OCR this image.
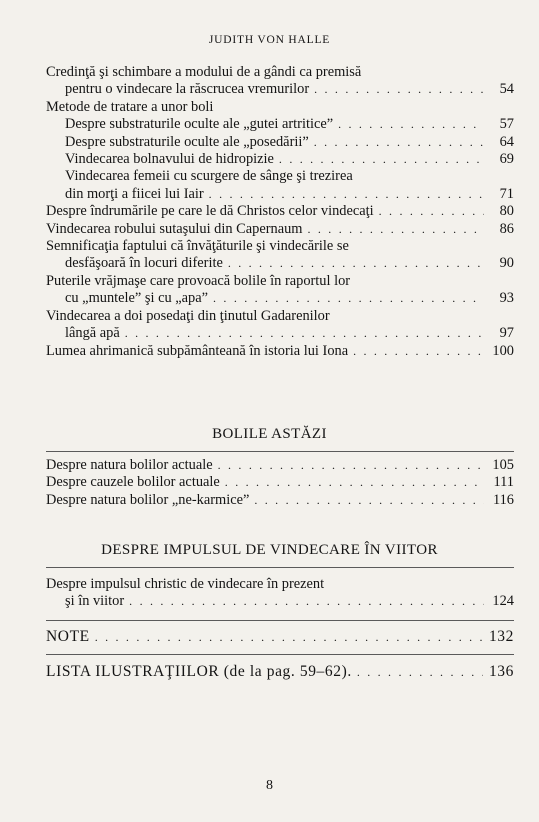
JUDITH VON HALLE
Credinţă şi schimbare a modului de a gândi ca premisă
pentru o vindecare la răscrucea vremurilor . . .	54
Metode de tratare a unor boli
Despre substraturile oculte ale „gutei artritice” . . .	57
Despre substraturile oculte ale „posedării” . . .	64
Vindecarea bolnavului de hidropizie . . .	69
Vindecarea femeii cu scurgere de sânge şi trezirea
din morţi a fiicei lui Iair . . .	71
Despre îndrumările pe care le dă Christos celor vindecaţi . . .	80
Vindecarea robului sutaşului din Capernaum . . .	86
Semnificaţia faptului că învăţăturile şi vindecările se
desfăşoară în locuri diferite . . .	90
Puterile vrăjmaşe care provoacă bolile în raportul lor
cu „muntele” şi cu „apa” . . .	93
Vindecarea a doi posedaţi din ţinutul Gadarenilor
lângă apă . . .	97
Lumea ahrimanică subpământeană în istoria lui Iona . . .	100
BOLILE ASTĂZI
Despre natura bolilor actuale . . .	105
Despre cauzele bolilor actuale . . .	111
Despre natura bolilor „ne-karmice” . . .	116
DESPRE IMPULSUL DE VINDECARE ÎN VIITOR
Despre impulsul christic de vindecare în prezent
şi în viitor . . .	124
NOTE . . .	132
LISTA ILUSTRAŢIILOR (de la pag. 59–62). . . .	136
8
